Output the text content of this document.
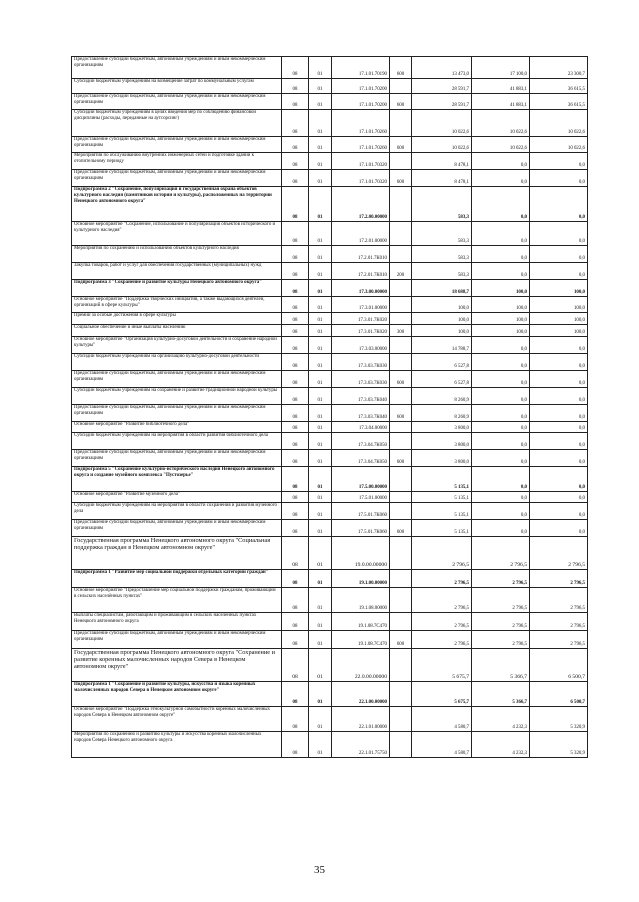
Предоставление субсидий бюджетным, автономным учреждениям и иным некоммерческим организациям	08	01	17.1.01.70190	600	13 473,0	17 100,0	23 300,7
Субсидии бюджетным учреждениям на возмещение затрат по коммунальным услугам	08	01	17.1.01.70200		28 591,7	41 883,1	36 615,5
Предоставление субсидий бюджетным, автономным учреждениям и иным некоммерческим организациям	08	01	17.1.01.70200	600	28 591,7	41 883,1	36 615,5
Субсидии бюджетным учреждениям в целях введения мер по соблюдению финансовой дисциплины (расходы, переданные на аутсорсинг)	08	01	17.1.01.70260		10 022,6	10 022,6	10 022,6
Предоставление субсидий бюджетным, автономным учреждениям и иным некоммерческим организациям	08	01	17.1.01.70260	600	10 022,6	10 022,6	10 022,6
Мероприятия по обслуживанию внутренних инженерных сетей и подготовке зданий к отопительному периоду	08	01	17.1.01.70320		8 478,1	0,0	0,0
Предоставление субсидий бюджетным, автономным учреждениям и иным некоммерческим организациям	08	01	17.1.01.70320	600	8 478,1	0,0	0,0
Подпрограмма 2 "Сохранение, популяризация и государственная охрана объектов культурного наследия (памятников истории и культуры), расположенных на территории Ненецкого автономного округа"	08	01	17.2.00.00000		583,3	0,0	0,0
Основное мероприятие "Сохранение, использование и популяризация объектов исторического и культурного наследия"	08	01	17.2.01.00000		583,3	0,0	0,0
Мероприятия по сохранению и использованию объектов культурного наследия	08	01	17.2.01.7К010		583,3	0,0	0,0
Закупка товаров, работ и услуг для обеспечения государственных (муниципальных) нужд	08	01	17.2.01.7К010	200	583,3	0,0	0,0
Подпрограмма 3 "Сохранение и развитие культуры Ненецкого автономного округа"	08	01	17.3.00.00000		18 688,7	100,0	100,0
Основное мероприятие "Поддержка творческих инициатив, а также выдающихся деятелей, организаций в сфере культуры"	08	01	17.3.01.00000		100,0	100,0	100,0
Премии за особые достижения в сфере культуры	08	01	17.3.01.7К020		100,0	100,0	100,0
Социальное обеспечение и иные выплаты населению	08	01	17.3.01.7К020	300	100,0	100,0	100,0
Основное мероприятие "Организация культурно-досуговой деятельности и сохранение народной культуры"	08	01	17.3.03.00000		14 788,7	0,0	0,0
Субсидии бюджетным учреждениям на организацию культурно-досуговой деятельности	08	01	17.3.03.7К030		6 527,8	0,0	0,0
Предоставление субсидий бюджетным, автономным учреждениям и иным некоммерческим организациям	08	01	17.3.03.7К030	600	6 527,8	0,0	0,0
Субсидии бюджетным учреждениям на сохранение и развитие традиционной народной культуры	08	01	17.3.03.7К040		8 260,9	0,0	0,0
Предоставление субсидий бюджетным, автономным учреждениям и иным некоммерческим организациям	08	01	17.3.03.7К040	600	8 260,9	0,0	0,0
Основное мероприятие "Развитие библиотечного дела"	08	01	17.3.04.00000		3 800,0	0,0	0,0
Субсидии бюджетным учреждениям на мероприятия в области развития библиотечного дела	08	01	17.3.04.7К050		3 800,0	0,0	0,0
Предоставление субсидий бюджетным, автономным учреждениям и иным некоммерческим организациям	08	01	17.3.04.7К050	600	3 800,0	0,0	0,0
Подпрограмма 5 "Сохранение культурно-исторического наследия Ненецкого автономного округа и создание музейного комплекса "Пустозерье"	08	01	17.5.00.00000		5 135,1	0,0	0,0
Основное мероприятие "Развитие музейного дела"	08	01	17.5.01.00000		5 135,1	0,0	0,0
Субсидии бюджетным учреждениям на мероприятия в области сохранения и развития музейного дела	08	01	17.5.01.7К060		5 135,1	0,0	0,0
Предоставление субсидий бюджетным, автономным учреждениям и иным некоммерческим организациям	08	01	17.5.01.7К060	600	5 135,1	0,0	0,0
Государственная программа Ненецкого автономного округа "Социальная поддержка граждан в Ненецком автономном округе"	08	01	19.0.00.00000		2 796,5	2 796,5	2 796,5
Подпрограмма 1 "Развитие мер социальной поддержки отдельных категорий граждан"	08	01	19.1.00.00000		2 796,5	2 796,5	2 796,5
Основное мероприятие "Предоставление мер социальной поддержки гражданам, проживающим в сельских населённых пунктах"	08	01	19.1.08.00000		2 796,5	2 796,5	2 796,5
Выплаты специалистам, работающим и проживающим в сельских населённых пунктах Ненецкого автономного округа	08	01	19.1.08.7С470		2 796,5	2 796,5	2 796,5
Предоставление субсидий бюджетным, автономным учреждениям и иным некоммерческим организациям	08	01	19.1.08.7С470	600	2 796,5	2 796,5	2 796,5
Государственная программа Ненецкого автономного округа "Сохранение и развитие коренных малочисленных народов Севера в Ненецком автономном округе"	08	01	22.0.00.00000		5 675,7	5 366,7	6 500,7
Подпрограмма 1 "Сохранение и развитие культуры, искусства и языка коренных малочисленных народов Севера в Ненецком автономном округе"	08	01	22.1.00.00000		5 675,7	5 366,7	6 500,7
Основное мероприятие "Поддержка этнокультурной самобытности коренных малочисленных народов Севера в Ненецком автономном округе"	08	01	22.1.01.00000		4 580,7	4 232,3	5 320,9
Мероприятия по сохранению и развитию культуры и искусства коренных малочисленных народов Севера Ненецкого автономного округа	08	01	22.1.01.75750		4 580,7	4 232,3	5 320,9
35
